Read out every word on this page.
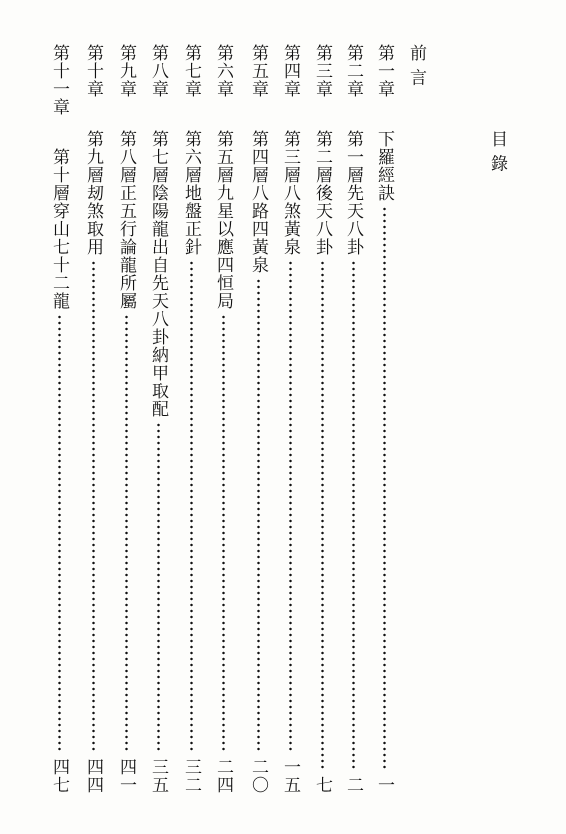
目 錄
前 言
第一章
下羅經訣
一
第二章
第一層先天八卦
二
第三章
第二層後天八卦
七
第四章
第三層八煞黃泉
一五
第五章
第四層八路四黃泉
二〇
第六章
第五層九星以應四恒局
二四
第七章
第六層地盤正針
三二
第八章
第七層陰陽龍出自先天八卦納甲取配
三五
第九章
第八層正五行論龍所屬
四一
第十章
第九層刼煞取用
四四
第十一章
第十層穿山七十二龍
四七
